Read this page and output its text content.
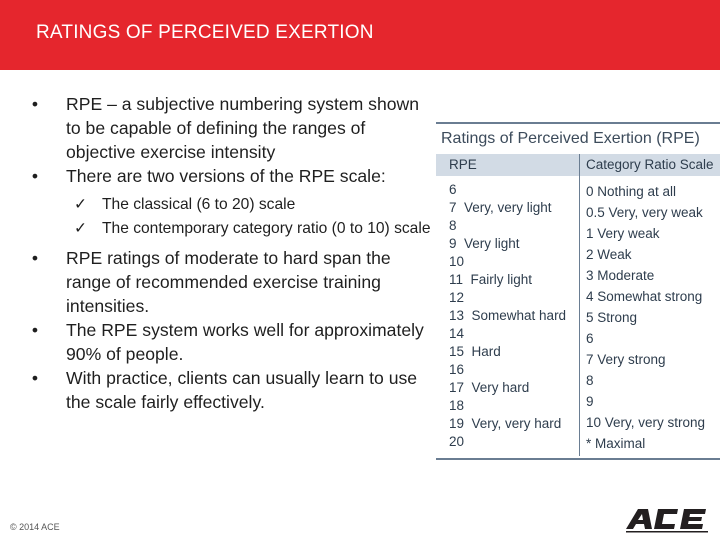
RATINGS OF PERCEIVED EXERTION
• RPE – a subjective numbering system shown to be capable of defining the ranges of objective exercise intensity
• There are two versions of the RPE scale:
✓ The classical (6 to 20) scale
✓ The contemporary category ratio (0 to 10) scale
• RPE ratings of moderate to hard span the range of recommended exercise training intensities.
• The RPE system works well for approximately 90% of people.
• With practice, clients can usually learn to use the scale fairly effectively.
Ratings of Perceived Exertion (RPE)
RPE	Category Ratio Scale
6
7  Very, very light
8
9  Very light
10
11  Fairly light
12
13  Somewhat hard
14
15  Hard
16
17  Very hard
18
19  Very, very hard
20
0 Nothing at all
0.5 Very, very weak
1 Very weak
2 Weak
3 Moderate
4 Somewhat strong
5 Strong
6
7 Very strong
8
9
10 Very, very strong
* Maximal
© 2014 ACE
